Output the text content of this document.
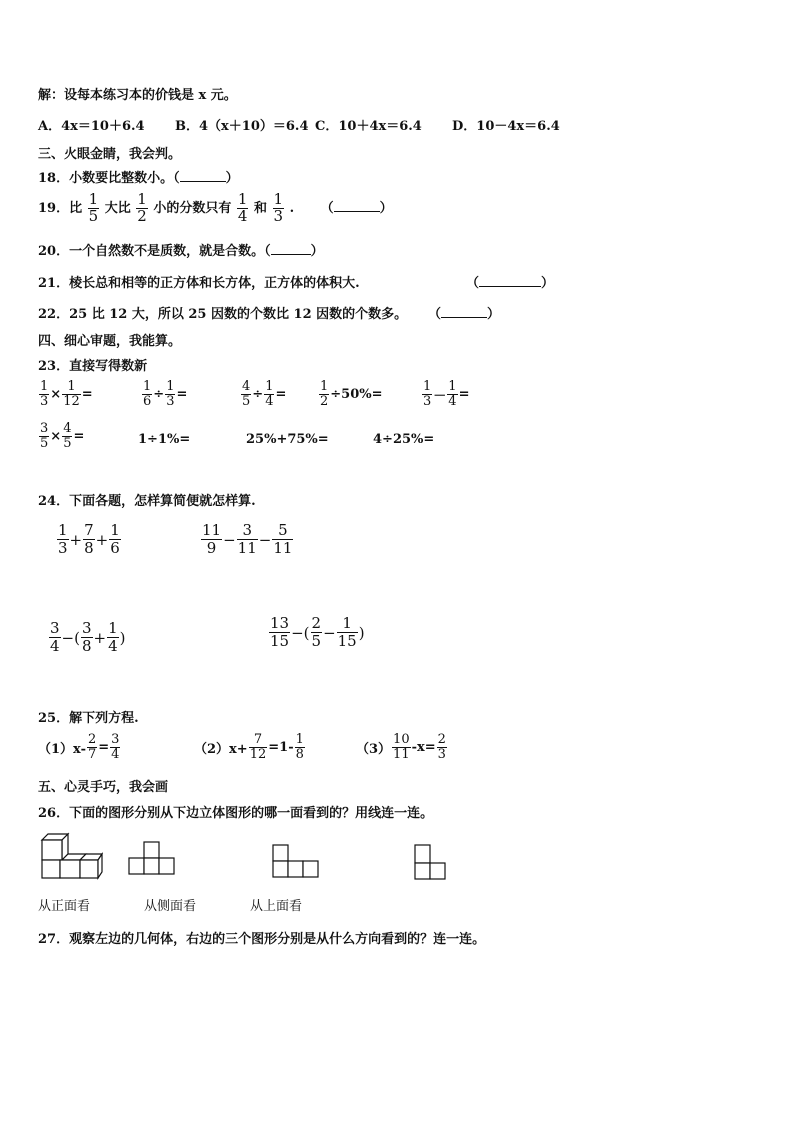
解：设每本练习本的价钱是 x 元。
A．4x＝10＋6.4 B．4（x＋10）＝6.4 C．10＋4x＝6.4 D．10－4x＝6.4
三、火眼金睛，我会判。
18．小数要比整数小。（	）
19．比 $\frac{1}{5}$ 大比 $\frac{1}{2}$ 小的分数只有 $\frac{1}{4}$ 和 $\frac{1}{3}$ . （	）
20．一个自然数不是质数，就是合数。（	）
21．棱长总和相等的正方体和长方体，正方体的体积大.	（	）
22．25 比 12 大，所以 25 因数的个数比 12 因数的个数多。 （	）
四、细心审题，我能算。
23．直接写得数新
$\frac{1}{3} \times \frac{1}{12}$ =	$\frac{1}{6} \div \frac{1}{3}$ =	$\frac{4}{5} \div \frac{1}{4}$ =	$\frac{1}{2} \div 50\%=$	$\frac{1}{3} - \frac{1}{4}$ =
$\frac{3}{5} \times \frac{4}{5}$ =	1÷1%=	25%+75%=	4÷25%=
24．下面各题，怎样算简便就怎样算.
$\frac{1}{3} + \frac{7}{8} + \frac{1}{6}$	$\frac{11}{9} - \frac{3}{11} - \frac{5}{11}$
$\frac{3}{4}$ −( $\frac{3}{8} + \frac{1}{4}$ )	$\frac{13}{15}$ −( $\frac{2}{5} - \frac{1}{15}$ )
25．解下列方程.
$(1)x- \frac{2}{7} = \frac{3}{4}$	$(2)x+ \frac{7}{12} =1- \frac{1}{8}$	$(3) \frac{10}{11} -x= \frac{2}{3}$
五、心灵手巧，我会画
26．下面的图形分别从下边立体图形的哪一面看到的？用线连一连。
从正面看	从侧面看	从上面看
27．观察左边的几何体，右边的三个图形分别是从什么方向看到的？连一连。
